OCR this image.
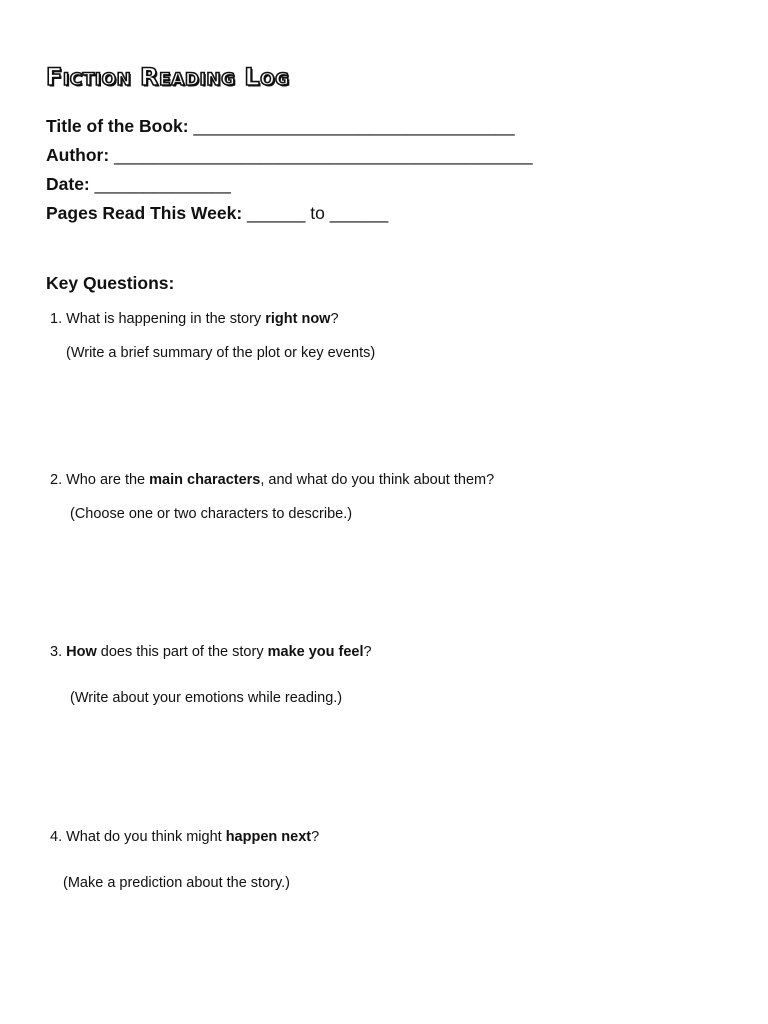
Fiction Reading Log

Title of the Book: _________________________________

Author: ___________________________________________

Date: ______________

Pages Read This Week: ______ to ______

Key Questions:

1. What is happening in the story right now?

(Write a brief summary of the plot or key events)

2. Who are the main characters, and what do you think about them?

(Choose one or two characters to describe.)

3. How does this part of the story make you feel?

(Write about your emotions while reading.)

4. What do you think might happen next?

(Make a prediction about the story.)
